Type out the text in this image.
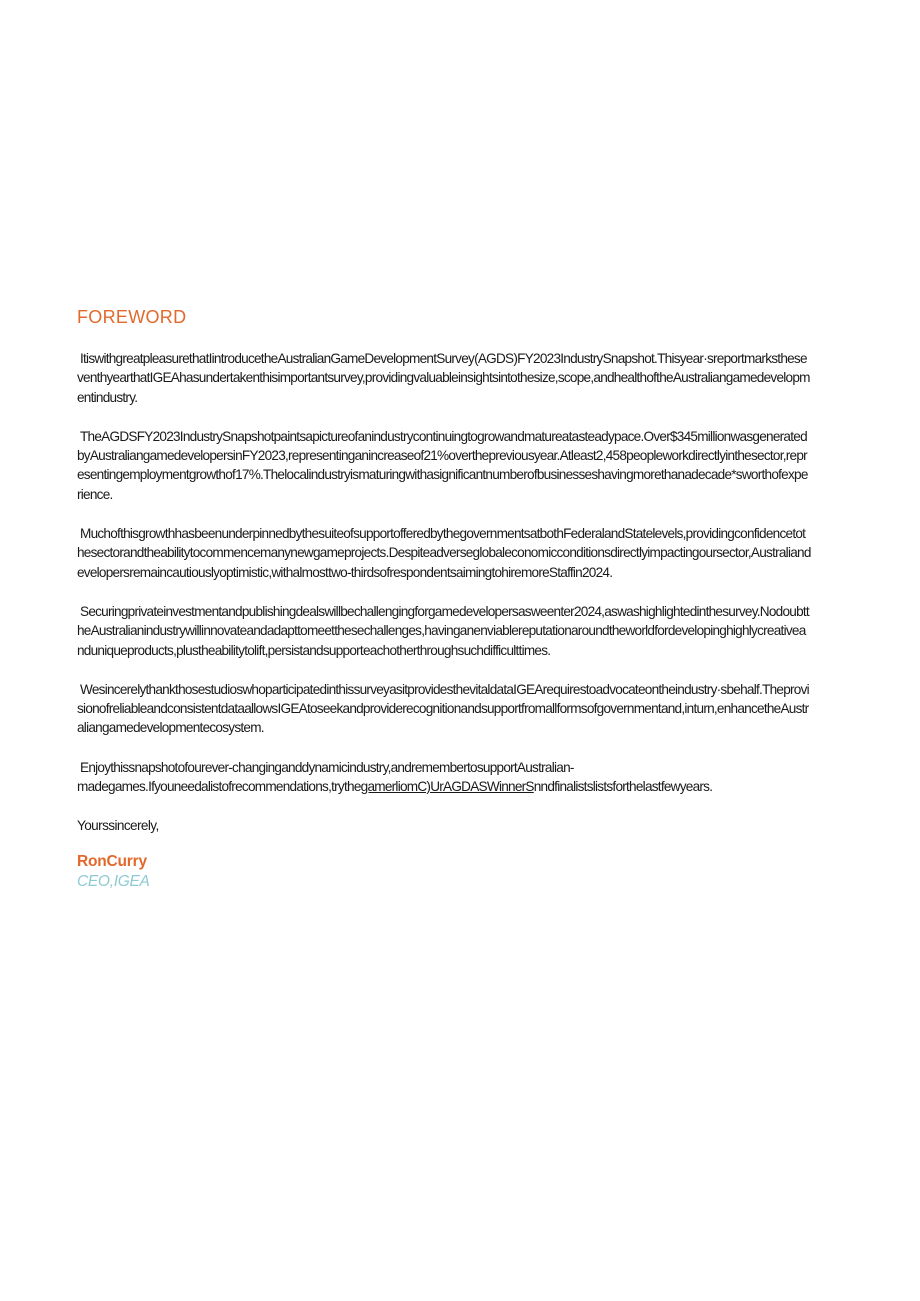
FOREWORD

ItiswithgreatpleasurethatIintroducetheAustralianGameDevelopmentSurvey(AGDS)FY2023IndustrySnapshot.Thisyear·sreportmarkstheseventhyearthatIGEAhasundertakenthisimportantsurvey,providingvaluableinsightsintothesize,scope,andhealthoftheAustraliangamedevelopmentindustry.

TheAGDSFY2023IndustrySnapshotpaintsapictureofanindustrycontinuingtogrowandmatureatasteadypace.Over$345millionwasgeneratedbyAustraliangamedevelopersinFY2023,representinganincreaseof21%overthepreviousyear.Atleast2,458peopleworkdirectlyinthesector,representingemploymentgrowthof17%.Thelocalindustryismaturingwithasignificantnumberofbusinesseshavingmorethanadecade*sworthofexperience.

MuchofthisgrowthhasbeenunderpinnedbythesuiteofsupportofferedbythegovernmentsatbothFederalandStatelevels,providingconfidencetothesectorandtheabilitytocommencemanynewgameprojects.Despiteadverseglobaleconomicconditionsdirectlyimpactingoursector,Australiandevelopersremaincautiouslyoptimistic,withalmosttwo-thirdsofrespondentsaimingtohiremoreStaffin2024.

Securingprivateinvestmentandpublishingdealswillbechallengingforgamedevelopersasweenter2024,aswashighlightedinthesurvey.NodoubttheAustralianindustrywillinnovateandadapttomeetthesechallenges,havinganenviablereputationaroundtheworldfordevelopinghighlycreativeanduniqueproducts,plustheabilitytolift,persistandsupporteachotherthroughsuchdifficulttimes.

WesincerelythankthosestudioswhoparticipatedinthissurveyasitprovidesthevitaldataIGEArequirestoadvocateontheindustry·sbehalf.TheprovisionofreliableandconsistentdataallowsIGEAtoseekandproviderecognitionandsupportfromallformsofgovernmentand,inturn,enhancetheAustraliangamedevelopmentecosystem.

Enjoythissnapshotofourever-changinganddynamicindustry,andremembertosupportAustralian-
madegames.Ifyouneedalistofrecommendations,trythegamerliomC)UrAGDASWinnerSnndfinalistslistsforthelastfewyears.

Yourssincerely,

RonCurry

CEO,IGEA
